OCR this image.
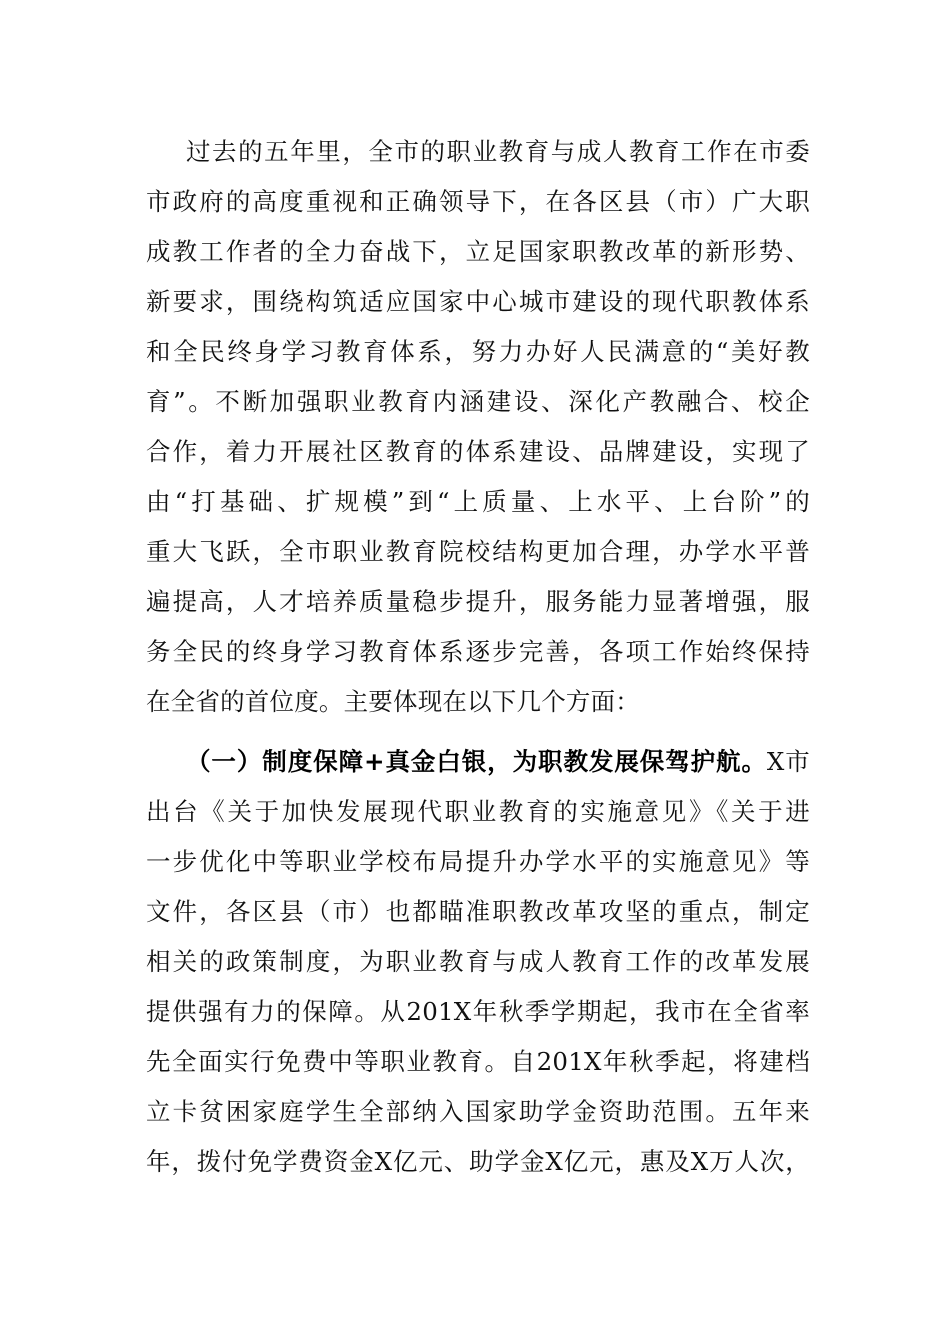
过去的五年里，全市的职业教育与成人教育工作在市委
市政府的高度重视和正确领导下，在各区县（市）广大职
成教工作者的全力奋战下，立足国家职教改革的新形势、
新要求，围绕构筑适应国家中心城市建设的现代职教体系
和全民终身学习教育体系，努力办好人民满意的“美好教
育”。不断加强职业教育内涵建设、深化产教融合、校企
合作，着力开展社区教育的体系建设、品牌建设，实现了
由“打基础、扩规模”到“上质量、上水平、上台阶”的
重大飞跃，全市职业教育院校结构更加合理，办学水平普
遍提高，人才培养质量稳步提升，服务能力显著增强，服
务全民的终身学习教育体系逐步完善，各项工作始终保持
在全省的首位度。主要体现在以下几个方面：
（一）制度保障+真金白银，为职教发展保驾护航。X市
出台《关于加快发展现代职业教育的实施意见》《关于进
一步优化中等职业学校布局提升办学水平的实施意见》等
文件，各区县（市）也都瞄准职教改革攻坚的重点，制定
相关的政策制度，为职业教育与成人教育工作的改革发展
提供强有力的保障。从201X年秋季学期起，我市在全省率
先全面实行免费中等职业教育。自201X年秋季起，将建档
立卡贫困家庭学生全部纳入国家助学金资助范围。五年来
年，拨付免学费资金X亿元、助学金X亿元，惠及X万人次，
